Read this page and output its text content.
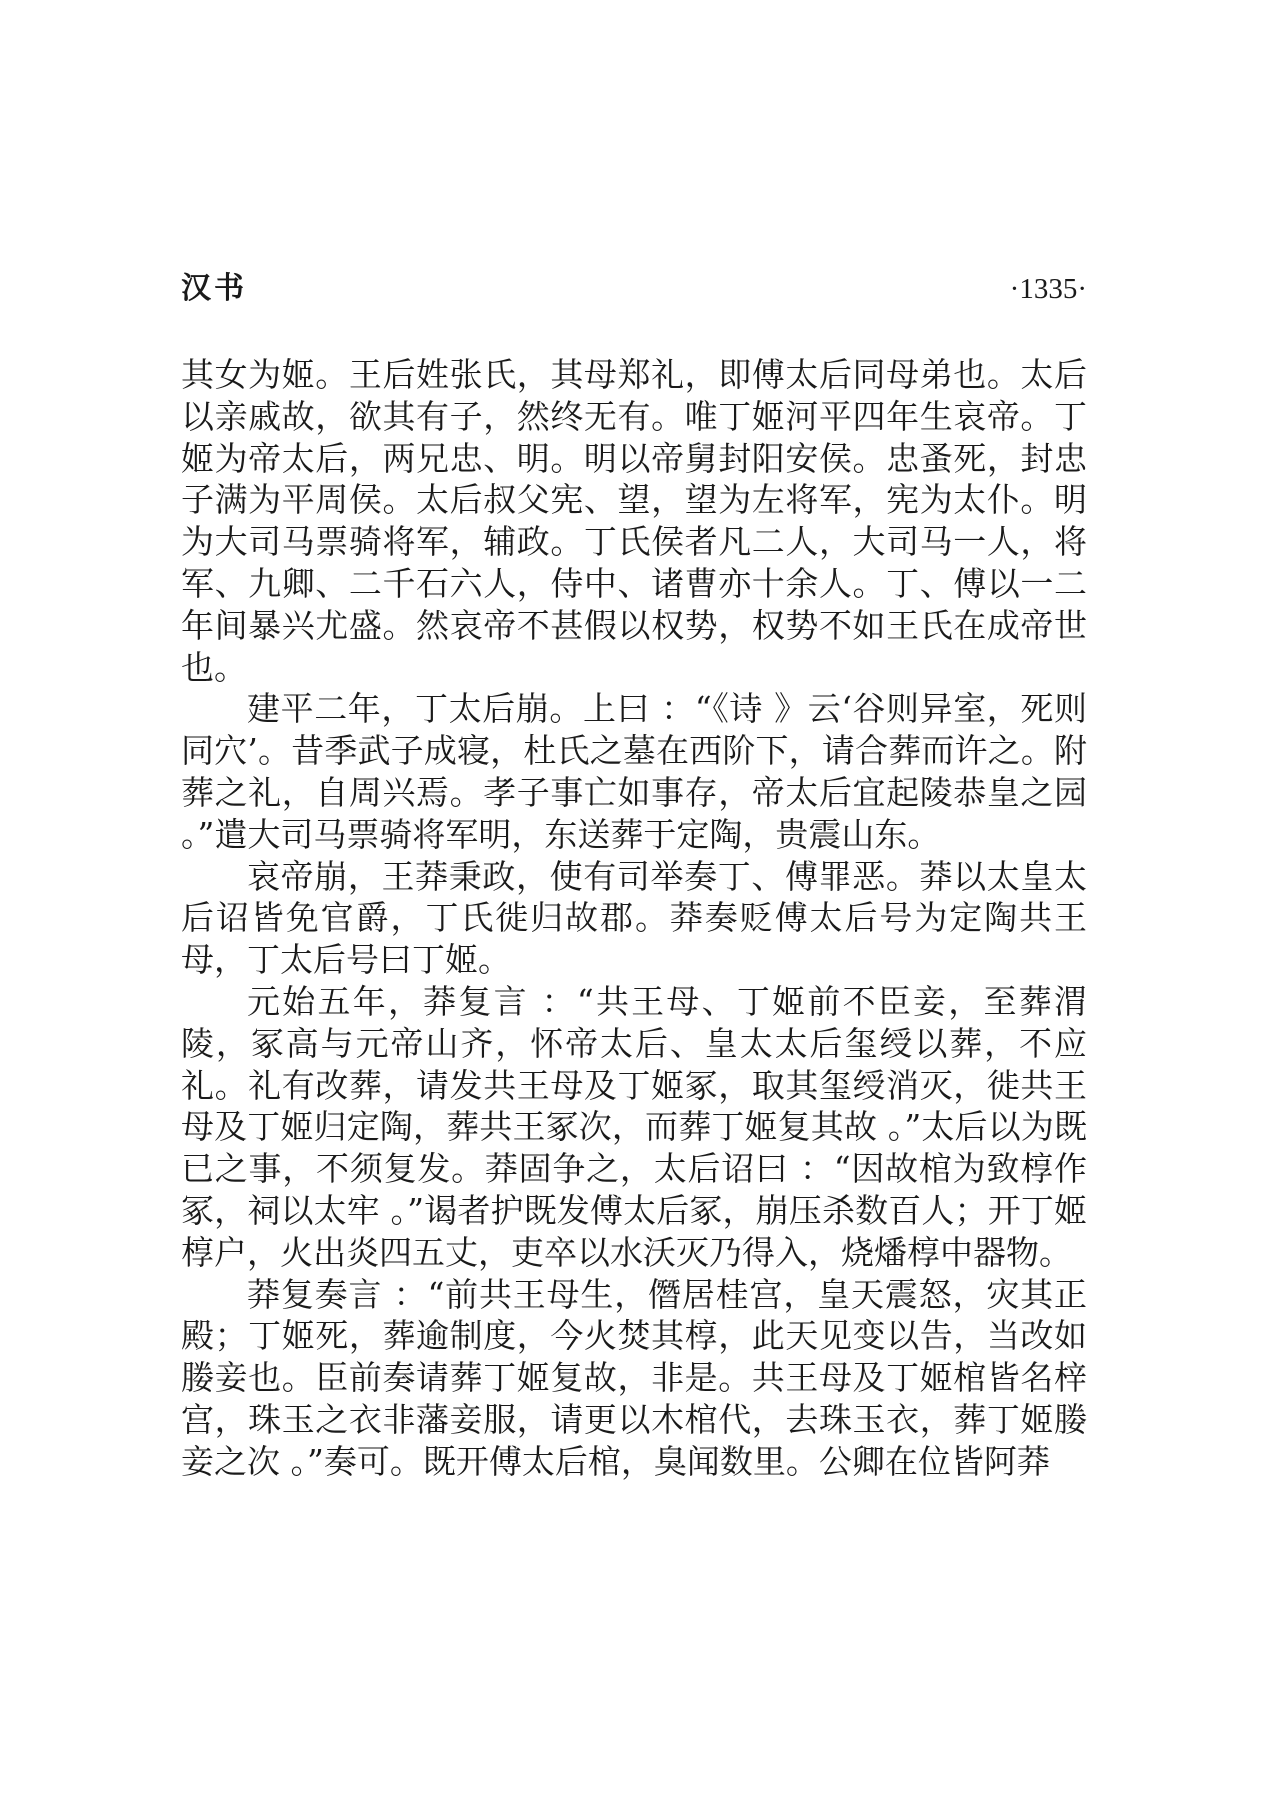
汉书	·1335·

其女为姬。王后姓张氏，其母郑礼，即傅太后同母弟也。太后以亲戚故，欲其有子，然终无有。唯丁姬河平四年生哀帝。丁姬为帝太后，两兄忠、明。明以帝舅封阳安侯。忠蚤死，封忠子满为平周侯。太后叔父宪、望，望为左将军，宪为太仆。明为大司马票骑将军，辅政。丁氏侯者凡二人，大司马一人，将军、九卿、二千石六人，侍中、诸曹亦十余人。丁、傅以一二年间暴兴尤盛。然哀帝不甚假以权势，权势不如王氏在成帝世也。

建平二年，丁太后崩。上曰 ：“《诗 》云‘谷则异室，死则同穴’。昔季武子成寝，杜氏之墓在西阶下，请合葬而许之。附葬之礼，自周兴焉。孝子事亡如事存，帝太后宜起陵恭皇之园 。”遣大司马票骑将军明，东送葬于定陶，贵震山东。

哀帝崩，王莽秉政，使有司举奏丁、傅罪恶。莽以太皇太后诏皆免官爵，丁氏徙归故郡。莽奏贬傅太后号为定陶共王母，丁太后号曰丁姬。

元始五年，莽复言 ：“共王母、丁姬前不臣妾，至葬渭陵，冢高与元帝山齐，怀帝太后、皇太太后玺绶以葬，不应礼。礼有改葬，请发共王母及丁姬冢，取其玺绶消灭，徙共王母及丁姬归定陶，葬共王冢次，而葬丁姬复其故 。”太后以为既已之事，不须复发。莽固争之，太后诏曰 ：“因故棺为致椁作冢，祠以太牢 。”谒者护既发傅太后冢，崩压杀数百人；开丁姬椁户，火出炎四五丈，吏卒以水沃灭乃得入，烧燔椁中器物。

莽复奏言 ：“前共王母生，僭居桂宫，皇天震怒，灾其正殿；丁姬死，葬逾制度，今火焚其椁，此天见变以告，当改如媵妾也。臣前奏请葬丁姬复故，非是。共王母及丁姬棺皆名梓宫，珠玉之衣非藩妾服，请更以木棺代，去珠玉衣，葬丁姬媵妾之次 。”奏可。既开傅太后棺，臭闻数里。公卿在位皆阿莽
